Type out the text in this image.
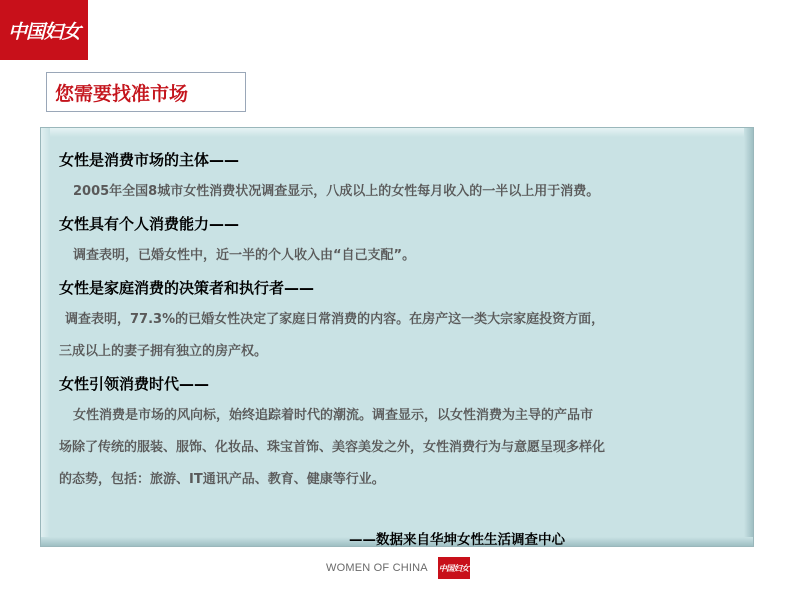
中国妇女
您需要找准市场
女性是消费市场的主体——
2005年全国8城市女性消费状况调查显示，八成以上的女性每月收入的一半以上用于消费。
女性具有个人消费能力——
调查表明，已婚女性中，近一半的个人收入由“自己支配”。
女性是家庭消费的决策者和执行者——
调查表明，77.3%的已婚女性决定了家庭日常消费的内容。在房产这一类大宗家庭投资方面，
三成以上的妻子拥有独立的房产权。
女性引领消费时代——
女性消费是市场的风向标，始终追踪着时代的潮流。调查显示，以女性消费为主导的产品市
场除了传统的服装、服饰、化妆品、珠宝首饰、美容美发之外，女性消费行为与意愿呈现多样化
的态势，包括：旅游、IT通讯产品、教育、健康等行业。
——数据来自华坤女性生活调查中心
WOMEN OF CHINA 中国妇女
